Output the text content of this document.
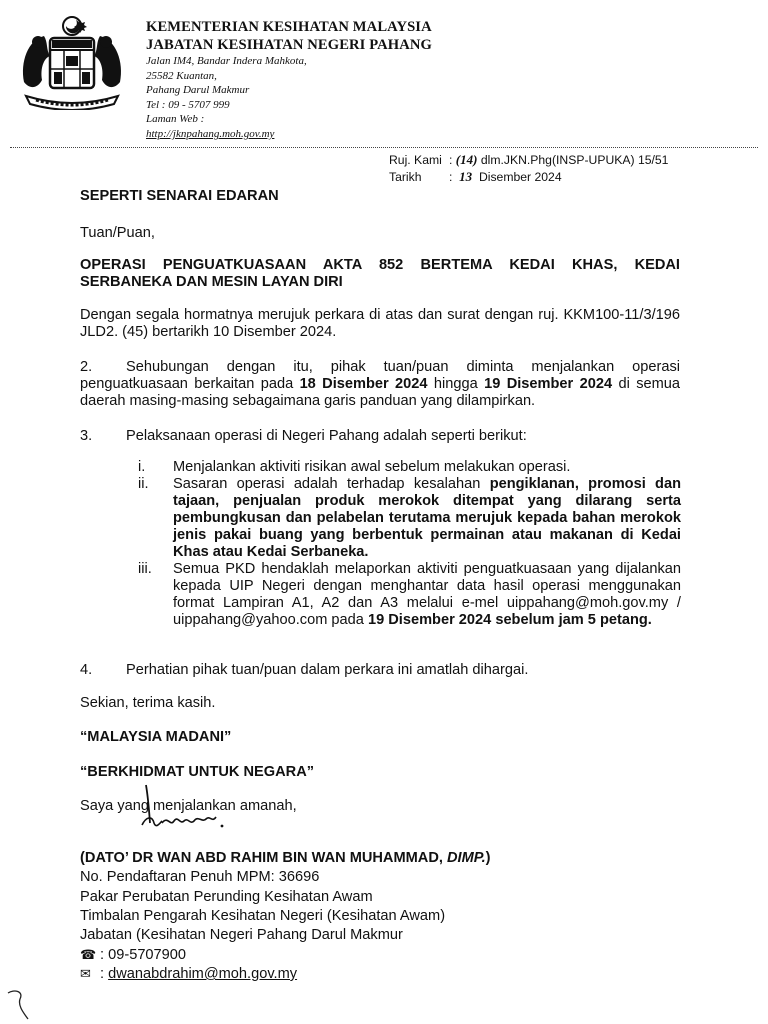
KEMENTERIAN KESIHATAN MALAYSIA
JABATAN KESIHATAN NEGERI PAHANG
Jalan IM4, Bandar Indera Mahkota,
25582 Kuantan,
Pahang Darul Makmur
Tel : 09 - 5707 999
Laman Web :
http://jknpahang.moh.gov.my
Ruj. Kami : (14) dlm.JKN.Phg(INSP-UPUKA) 15/51
Tarikh :  13 Disember 2024
SEPERTI SENARAI EDARAN
Tuan/Puan,
OPERASI PENGUATKUASAAN AKTA 852 BERTEMA KEDAI KHAS, KEDAI SERBANEKA DAN MESIN LAYAN DIRI
Dengan segala hormatnya merujuk perkara di atas dan surat dengan ruj. KKM100-11/3/196 JLD2. (45) bertarikh 10 Disember 2024.
2. Sehubungan dengan itu, pihak tuan/puan diminta menjalankan operasi penguatkuasaan berkaitan pada 18 Disember 2024 hingga 19 Disember 2024 di semua daerah masing-masing sebagaimana garis panduan yang dilampirkan.
3. Pelaksanaan operasi di Negeri Pahang adalah seperti berikut:
i.	Menjalankan aktiviti risikan awal sebelum melakukan operasi.
ii.	Sasaran operasi adalah terhadap kesalahan pengiklanan, promosi dan tajaan, penjualan produk merokok ditempat yang dilarang serta pembungkusan dan pelabelan terutama merujuk kepada bahan merokok jenis pakai buang yang berbentuk permainan atau makanan di Kedai Khas atau Kedai Serbaneka.
iii.	Semua PKD hendaklah melaporkan aktiviti penguatkuasaan yang dijalankan kepada UIP Negeri dengan menghantar data hasil operasi menggunakan format Lampiran A1, A2 dan A3 melalui e-mel uippahang@moh.gov.my / uippahang@yahoo.com pada 19 Disember 2024 sebelum jam 5 petang.
4. Perhatian pihak tuan/puan dalam perkara ini amatlah dihargai.
Sekian, terima kasih.
“MALAYSIA MADANI”
“BERKHIDMAT UNTUK NEGARA”
Saya yang menjalankan amanah,
(DATO’ DR WAN ABD RAHIM BIN WAN MUHAMMAD, DIMP.)
No. Pendaftaran Penuh MPM: 36696
Pakar Perubatan Perunding Kesihatan Awam
Timbalan Pengarah Kesihatan Negeri (Kesihatan Awam)
Jabatan (Kesihatan Negeri Pahang Darul Makmur
☎ : 09-5707900
✉ : dwanabdrahim@moh.gov.my
